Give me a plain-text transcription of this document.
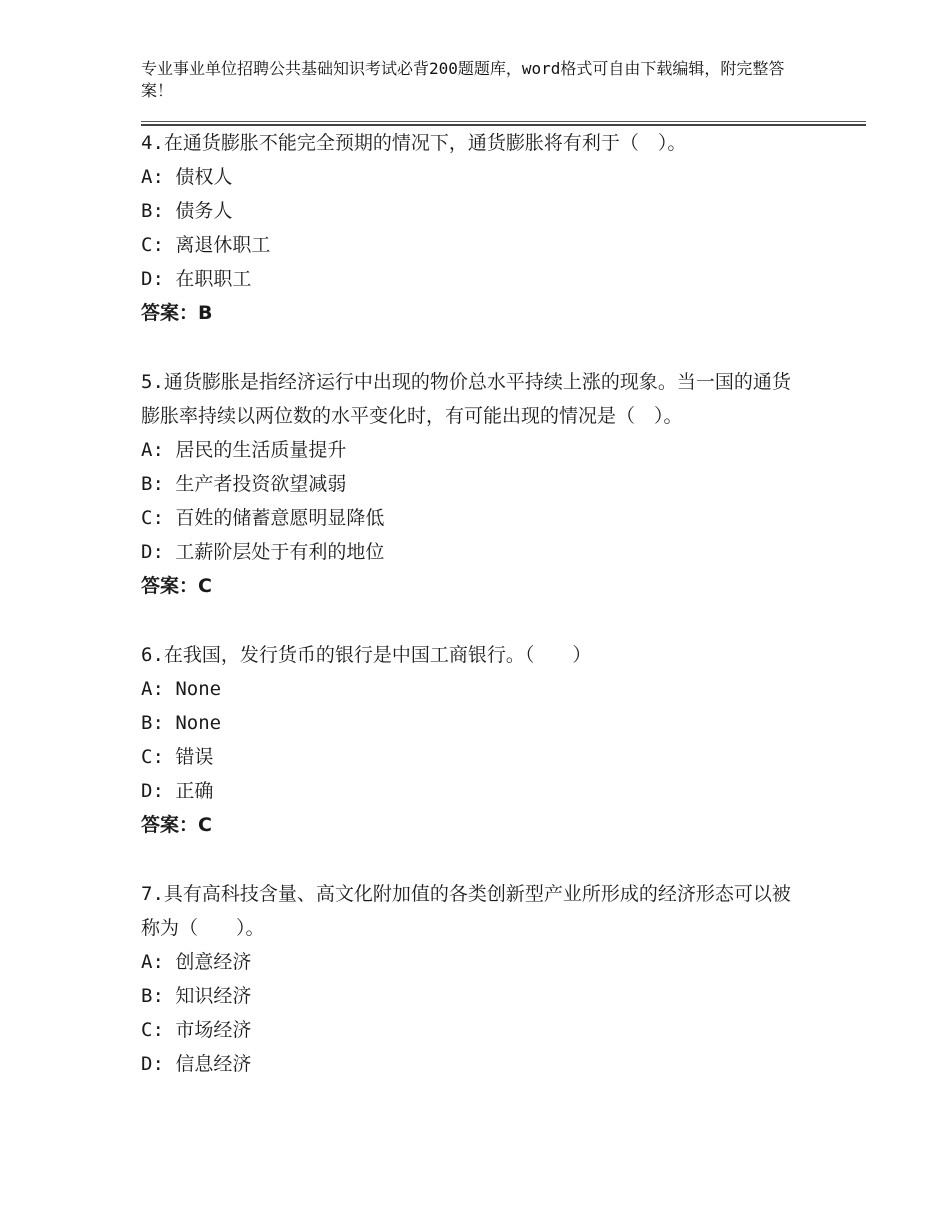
专业事业单位招聘公共基础知识考试必背200题题库，word格式可自由下载编辑，附完整答案！

4.在通货膨胀不能完全预期的情况下，通货膨胀将有利于（　）。

A: 债权人

B: 债务人

C: 离退休职工

D: 在职职工

答案：B

5.通货膨胀是指经济运行中出现的物价总水平持续上涨的现象。当一国的通货膨胀率持续以两位数的水平变化时，有可能出现的情况是（　）。

A: 居民的生活质量提升

B: 生产者投资欲望减弱

C: 百姓的储蓄意愿明显降低

D: 工薪阶层处于有利的地位

答案：C

6.在我国，发行货币的银行是中国工商银行。（　　）

A: None

B: None

C: 错误

D: 正确

答案：C

7.具有高科技含量、高文化附加值的各类创新型产业所形成的经济形态可以被称为（　　）。

A: 创意经济

B: 知识经济

C: 市场经济

D: 信息经济
